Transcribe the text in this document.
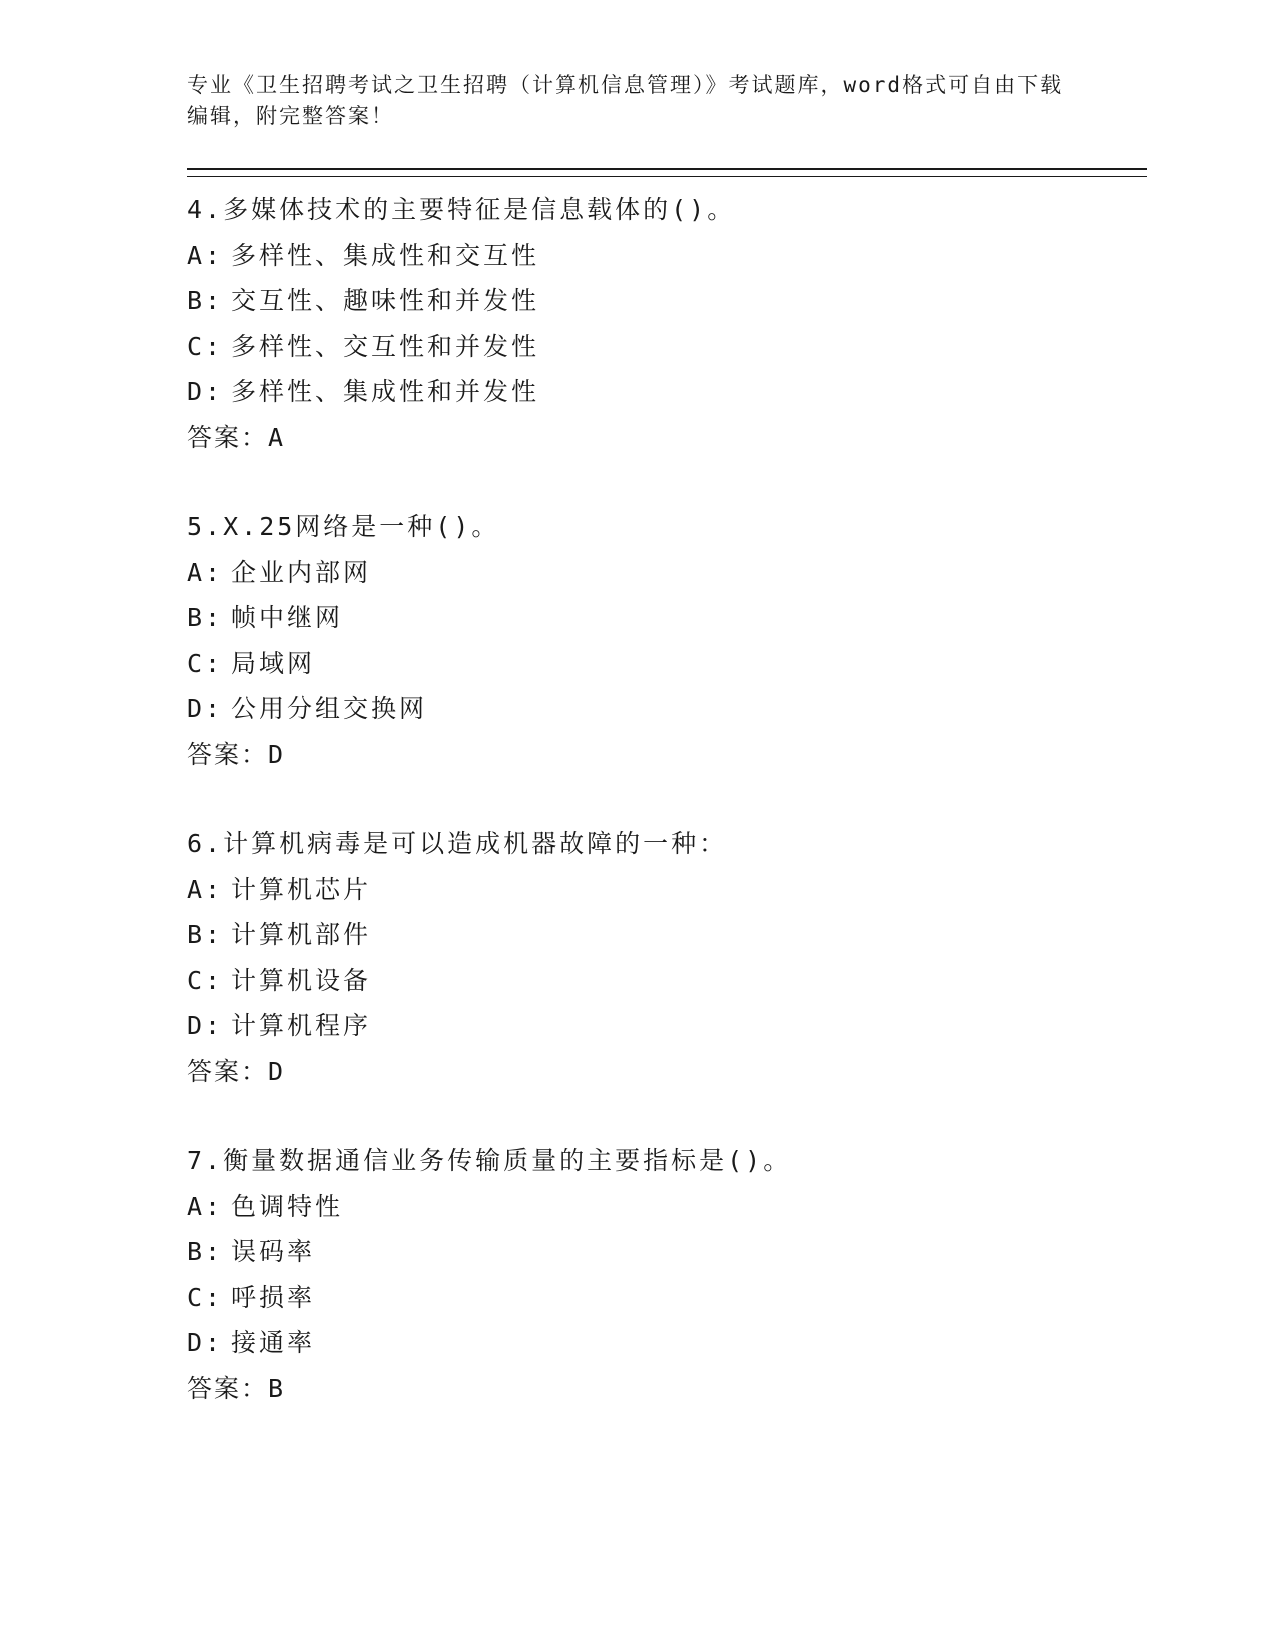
专业《卫生招聘考试之卫生招聘（计算机信息管理）》考试题库，word格式可自由下载编辑，附完整答案！

4.多媒体技术的主要特征是信息载体的()。
A: 多样性、集成性和交互性
B: 交互性、趣味性和并发性
C: 多样性、交互性和并发性
D: 多样性、集成性和并发性
答案：A
5.X.25网络是一种()。
A: 企业内部网
B: 帧中继网
C: 局域网
D: 公用分组交换网
答案：D
6.计算机病毒是可以造成机器故障的一种：
A: 计算机芯片
B: 计算机部件
C: 计算机设备
D: 计算机程序
答案：D
7.衡量数据通信业务传输质量的主要指标是()。
A: 色调特性
B: 误码率
C: 呼损率
D: 接通率
答案：B
